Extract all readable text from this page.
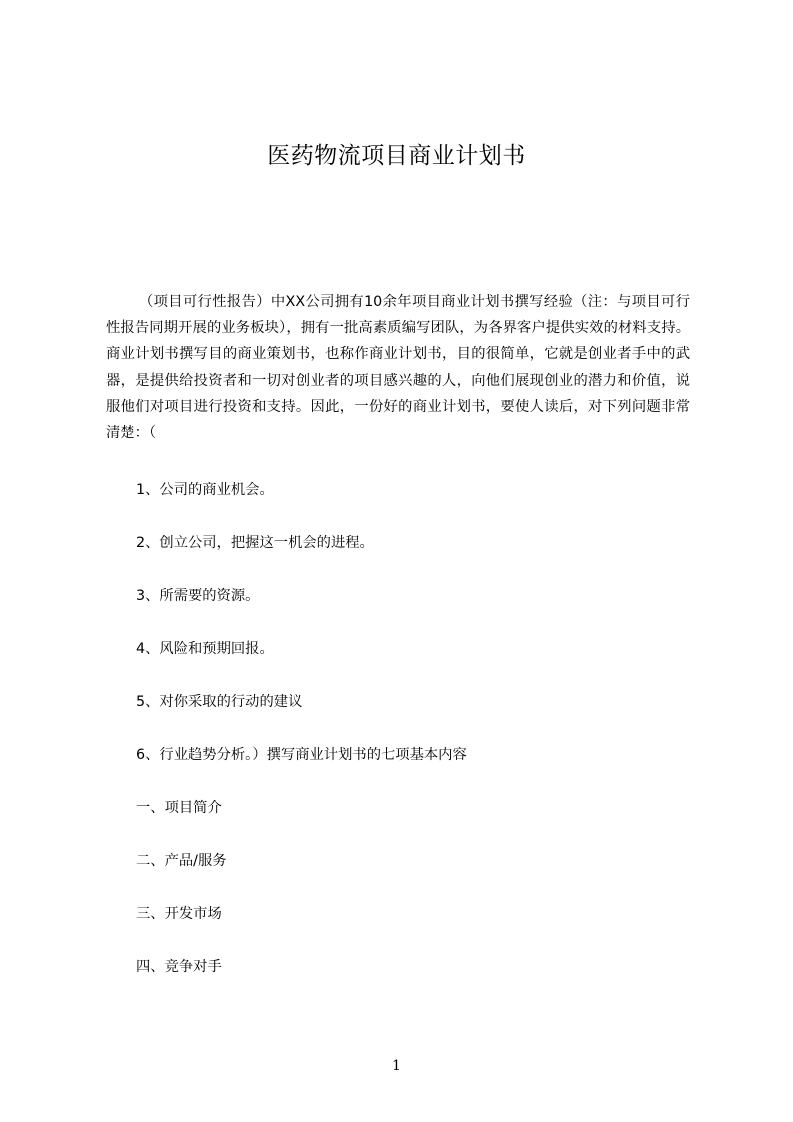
医药物流项目商业计划书

（项目可行性报告）中XX公司拥有10余年项目商业计划书撰写经验（注：与项目可行性报告同期开展的业务板块），拥有一批高素质编写团队，为各界客户提供实效的材料支持。商业计划书撰写目的商业策划书，也称作商业计划书，目的很简单，它就是创业者手中的武器，是提供给投资者和一切对创业者的项目感兴趣的人，向他们展现创业的潜力和价值，说服他们对项目进行投资和支持。因此，一份好的商业计划书，要使人读后，对下列问题非常清楚：（

1、公司的商业机会。

2、创立公司，把握这一机会的进程。

3、所需要的资源。

4、风险和预期回报。

5、对你采取的行动的建议

6、行业趋势分析。）撰写商业计划书的七项基本内容

一、项目简介

二、产品/服务

三、开发市场

四、竞争对手

1
